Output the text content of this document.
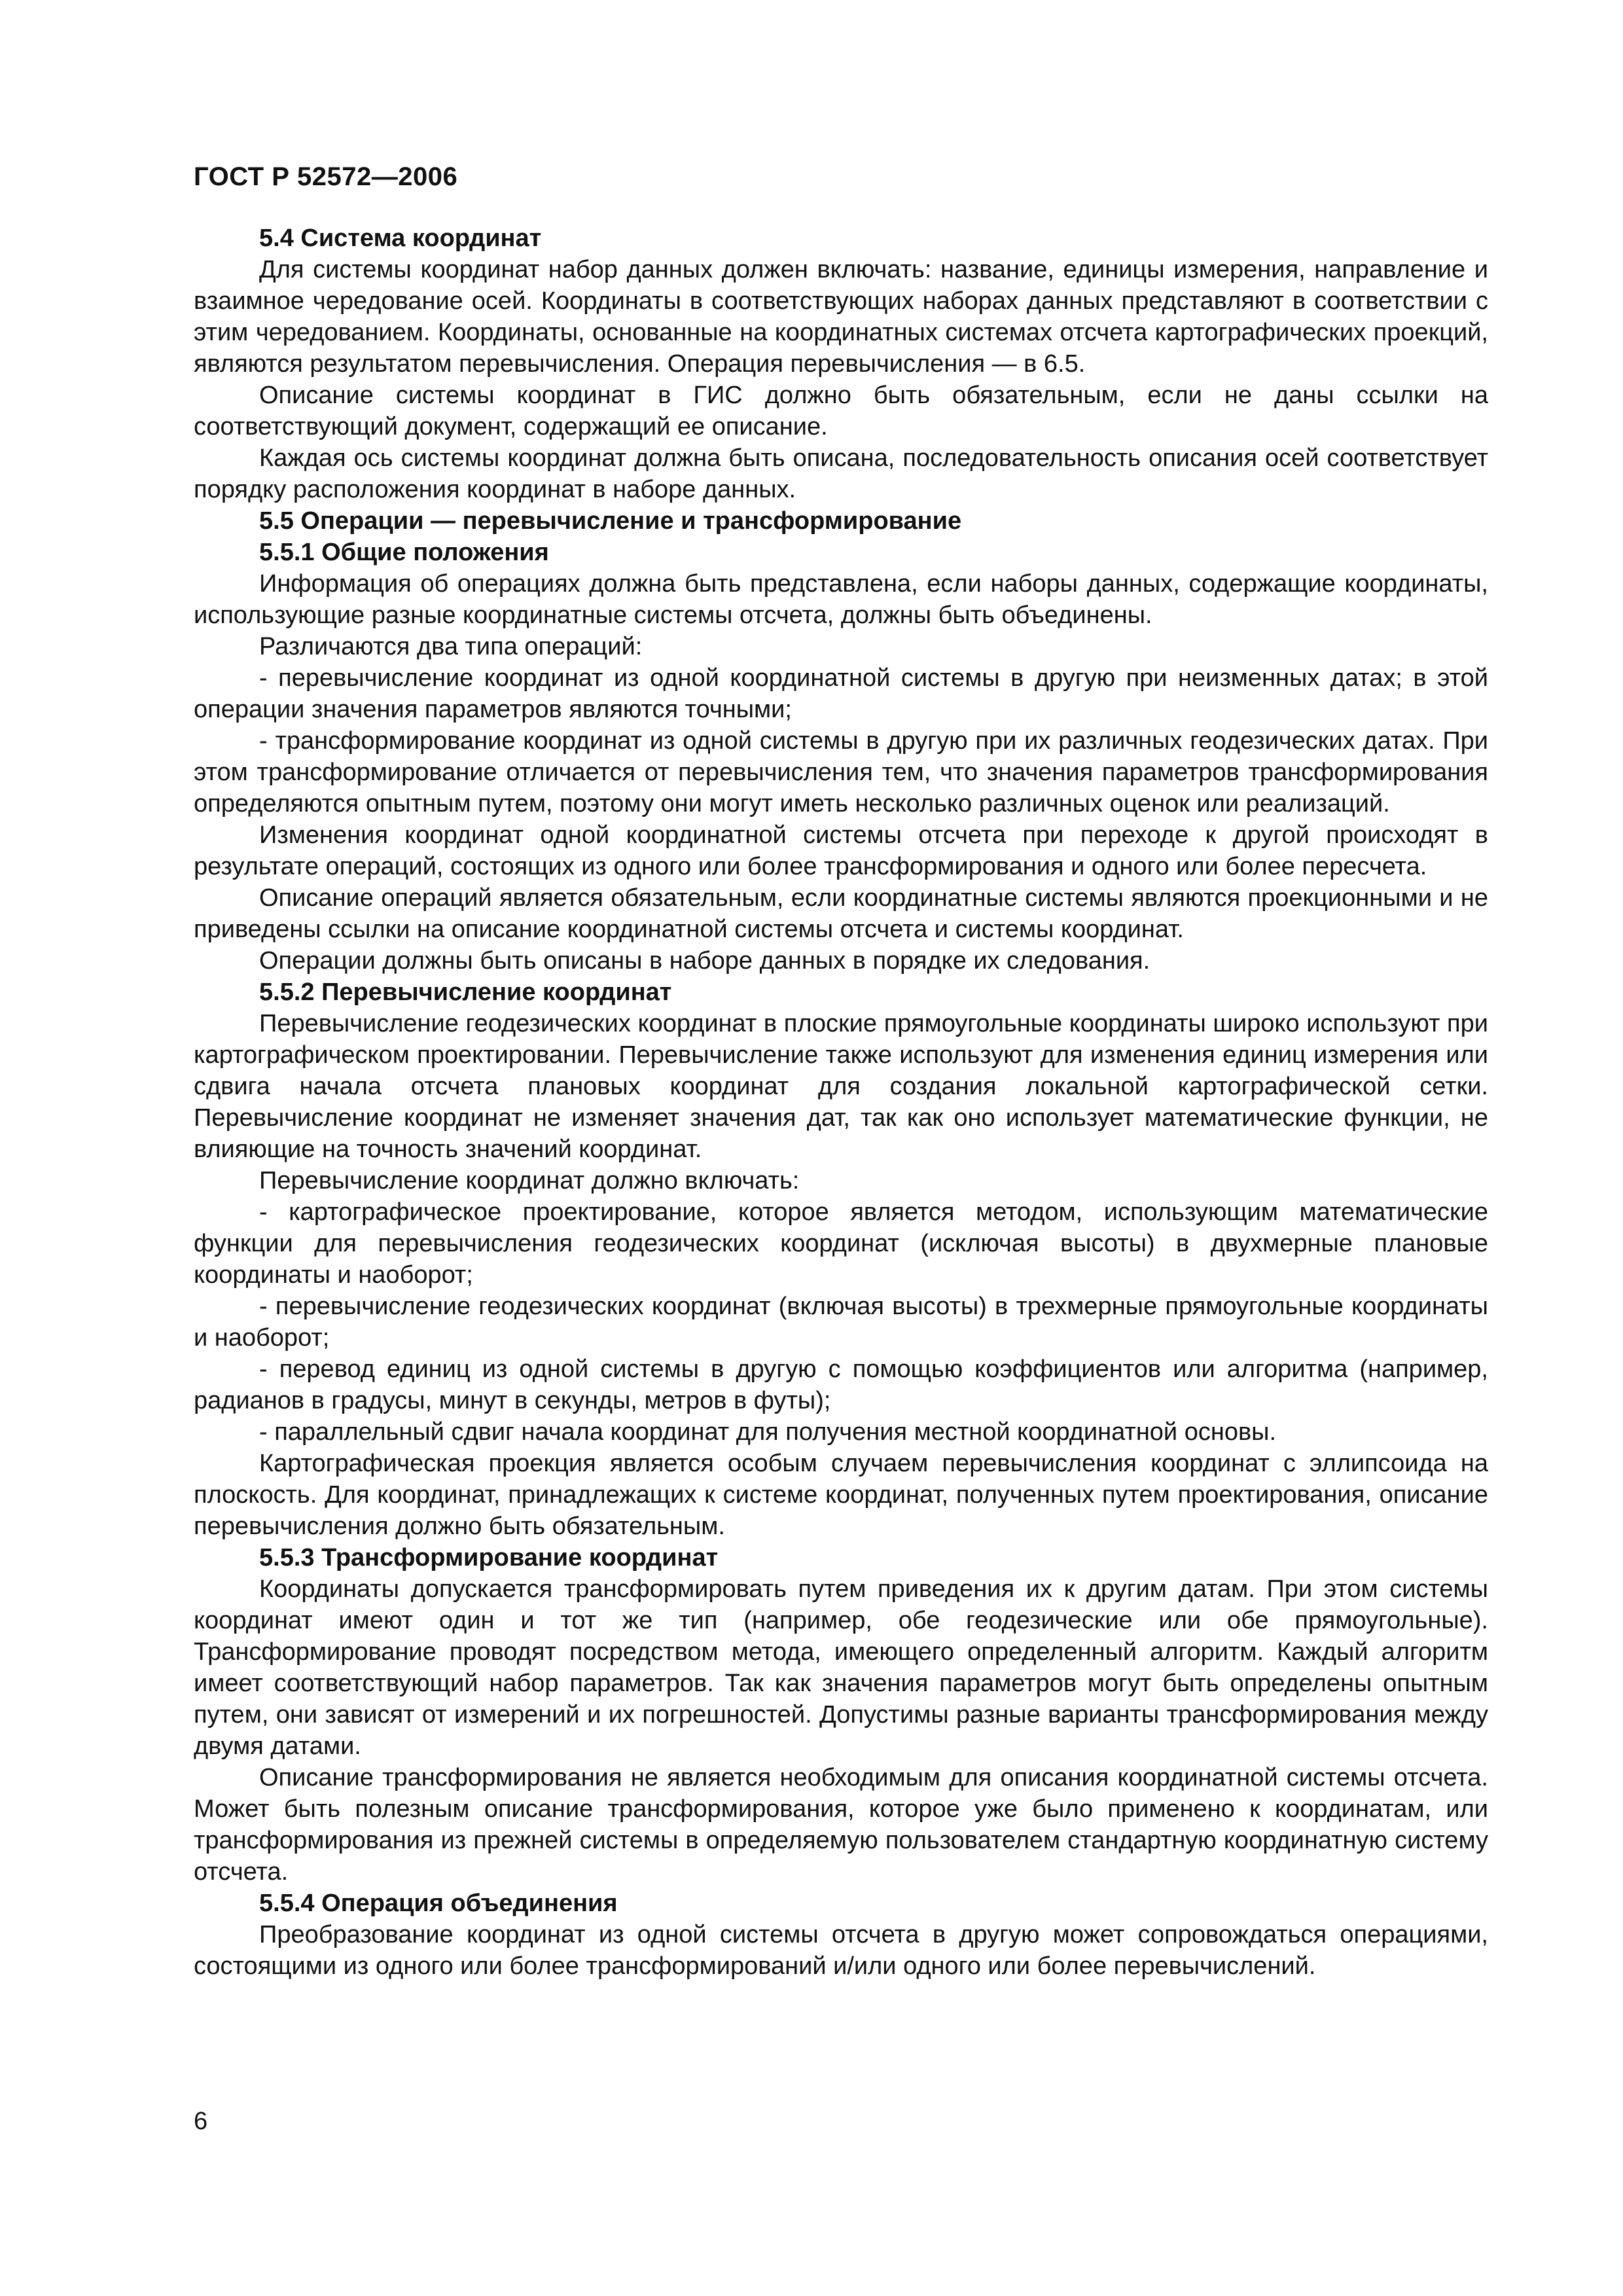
ГОСТ Р 52572—2006
5.4 Система координат

Для системы координат набор данных должен включать: название, единицы измерения, направление и взаимное чередование осей. Координаты в соответствующих наборах данных представляют в соответствии с этим чередованием. Координаты, основанные на координатных системах отсчета картографических проекций, являются результатом перевычисления. Операция перевычисления — в 6.5.

Описание системы координат в ГИС должно быть обязательным, если не даны ссылки на соответствующий документ, содержащий ее описание.

Каждая ось системы координат должна быть описана, последовательность описания осей соответствует порядку расположения координат в наборе данных.

5.5 Операции — перевычисление и трансформирование
5.5.1 Общие положения

Информация об операциях должна быть представлена, если наборы данных, содержащие координаты, использующие разные координатные системы отсчета, должны быть объединены.

Различаются два типа операций:

- перевычисление координат из одной координатной системы в другую при неизменных датах; в этой операции значения параметров являются точными;

- трансформирование координат из одной системы в другую при их различных геодезических датах. При этом трансформирование отличается от перевычисления тем, что значения параметров трансформирования определяются опытным путем, поэтому они могут иметь несколько различных оценок или реализаций.

Изменения координат одной координатной системы отсчета при переходе к другой происходят в результате операций, состоящих из одного или более трансформирования и одного или более пересчета.

Описание операций является обязательным, если координатные системы являются проекционными и не приведены ссылки на описание координатной системы отсчета и системы координат.

Операции должны быть описаны в наборе данных в порядке их следования.

5.5.2 Перевычисление координат

Перевычисление геодезических координат в плоские прямоугольные координаты широко используют при картографическом проектировании. Перевычисление также используют для изменения единиц измерения или сдвига начала отсчета плановых координат для создания локальной картографической сетки. Перевычисление координат не изменяет значения дат, так как оно использует математические функции, не влияющие на точность значений координат.

Перевычисление координат должно включать:

- картографическое проектирование, которое является методом, использующим математические функции для перевычисления геодезических координат (исключая высоты) в двухмерные плановые координаты и наоборот;

- перевычисление геодезических координат (включая высоты) в трехмерные прямоугольные координаты и наоборот;

- перевод единиц из одной системы в другую с помощью коэффициентов или алгоритма (например, радианов в градусы, минут в секунды, метров в футы);

- параллельный сдвиг начала координат для получения местной координатной основы.

Картографическая проекция является особым случаем перевычисления координат с эллипсоида на плоскость. Для координат, принадлежащих к системе координат, полученных путем проектирования, описание перевычисления должно быть обязательным.

5.5.3 Трансформирование координат

Координаты допускается трансформировать путем приведения их к другим датам. При этом системы координат имеют один и тот же тип (например, обе геодезические или обе прямоугольные). Трансформирование проводят посредством метода, имеющего определенный алгоритм. Каждый алгоритм имеет соответствующий набор параметров. Так как значения параметров могут быть определены опытным путем, они зависят от измерений и их погрешностей. Допустимы разные варианты трансформирования между двумя датами.

Описание трансформирования не является необходимым для описания координатной системы отсчета. Может быть полезным описание трансформирования, которое уже было применено к координатам, или трансформирования из прежней системы в определяемую пользователем стандартную координатную систему отсчета.

5.5.4 Операция объединения

Преобразование координат из одной системы отсчета в другую может сопровождаться операциями, состоящими из одного или более трансформирований и/или одного или более перевычислений.

6
